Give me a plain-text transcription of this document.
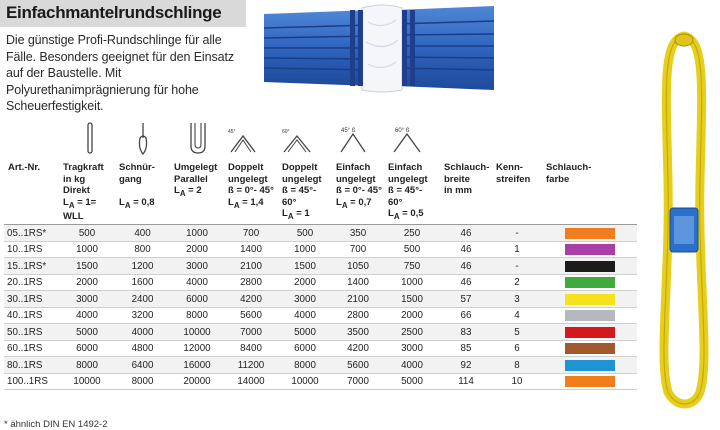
Einfachmantelrundschlinge
Die günstige Profi-Rundschlinge für alle Fälle. Besonders geeignet für den Einsatz auf der Baustelle. Mit Polyurethanimprägnierung für hohe Scheuerfestigkeit.
45°	60°	45° ß	60° ß
Art.-Nr.	Tragkraft
in kg
Direkt
$L_A = 1=$
WLL	Schnür-
gang

$L_A = 0,8$	Umgelegt
Parallel
$L_A = 2$	Doppelt
ungelegt
ß = 0°- 45°
$L_A = 1,4$	Doppelt
ungelegt
ß = 45°- 60°
$L_A = 1$	Einfach
ungelegt
ß = 0°- 45°
$L_A = 0,7$	Einfach
ungelegt
ß = 45°- 60°
$L_A = 0,5$	Schlauch-
breite
in mm	Kenn-
streifen	Schlauch-
farbe
05..1RS*	500	400	1000	700	500	350	250	46	-	
10..1RS	1000	800	2000	1400	1000	700	500	46	1	
15..1RS*	1500	1200	3000	2100	1500	1050	750	46	-	
20..1RS	2000	1600	4000	2800	2000	1400	1000	46	2	
30..1RS	3000	2400	6000	4200	3000	2100	1500	57	3	
40..1RS	4000	3200	8000	5600	4000	2800	2000	66	4	
50..1RS	5000	4000	10000	7000	5000	3500	2500	83	5	
60..1RS	6000	4800	12000	8400	6000	4200	3000	85	6	
80..1RS	8000	6400	16000	11200	8000	5600	4000	92	8	
100..1RS	10000	8000	20000	14000	10000	7000	5000	114	10	
* ähnlich DIN EN 1492-2
